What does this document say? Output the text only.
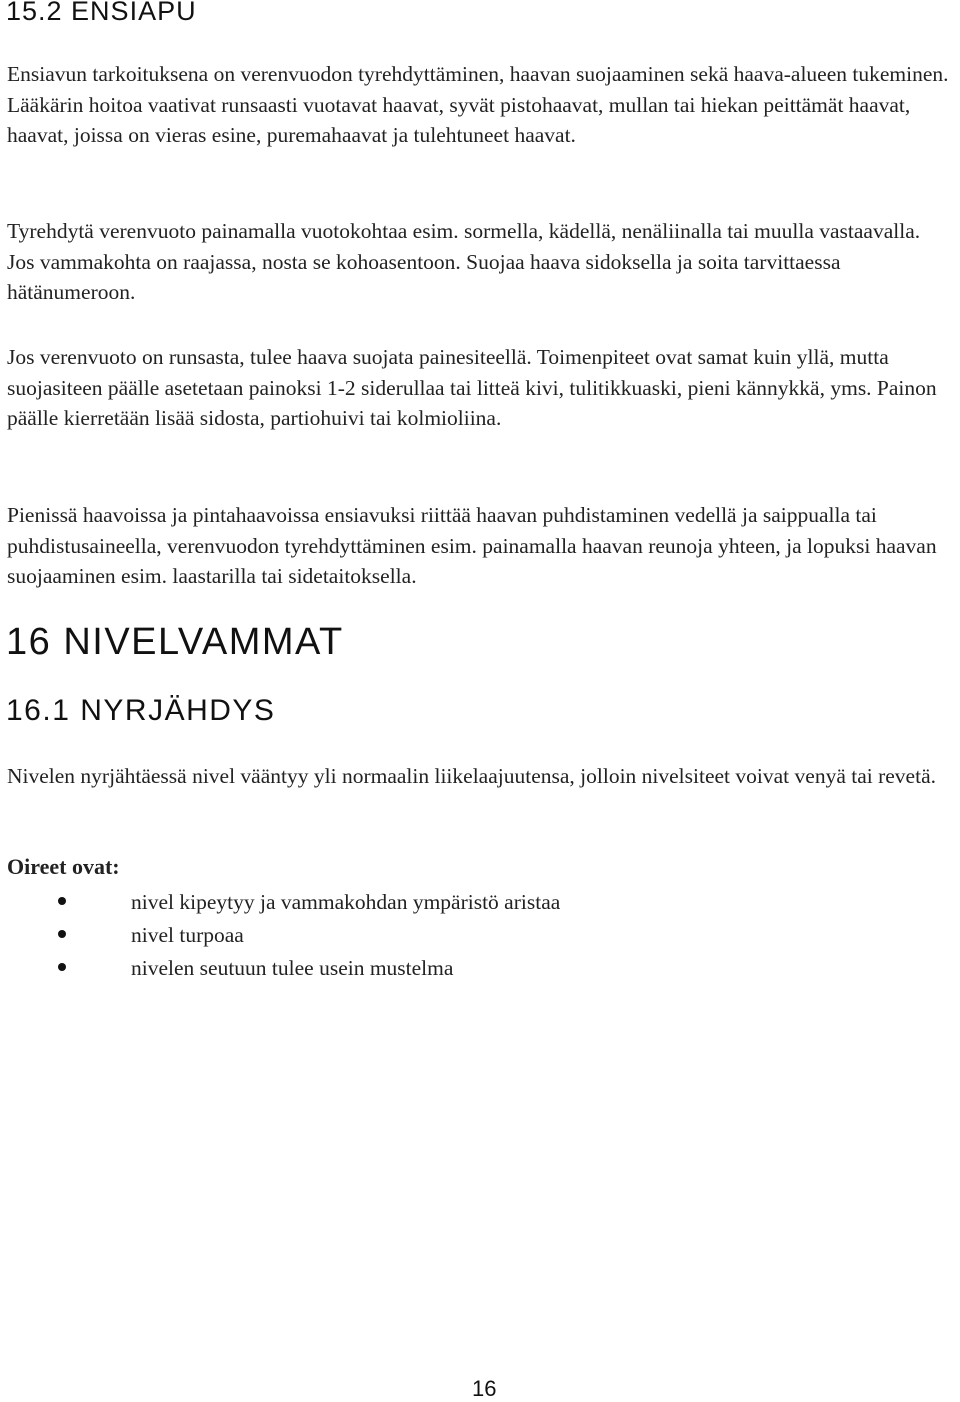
15.2 ENSIAPU

Ensiavun tarkoituksena on verenvuodon tyrehdyttäminen, haavan suojaaminen sekä haava-alueen tukeminen. Lääkärin hoitoa vaativat runsaasti vuotavat haavat, syvät pistohaavat, mullan tai hiekan peittämät haavat, haavat, joissa on vieras esine, puremahaavat ja tulehtuneet haavat.

Tyrehdytä verenvuoto painamalla vuotokohtaa esim. sormella, kädellä, nenäliinalla tai muulla vastaavalla. Jos vammakohta on raajassa, nosta se kohoasentoon. Suojaa haava sidoksella ja soita tarvittaessa hätänumeroon.

Jos verenvuoto on runsasta, tulee haava suojata painesiteellä. Toimenpiteet ovat samat kuin yllä, mutta suojasiteen päälle asetetaan painoksi 1-2 siderullaa tai litteä kivi, tulitikkuaski, pieni kännykkä, yms. Painon päälle kierretään lisää sidosta, partiohuivi tai kolmioliina.

Pienissä haavoissa ja pintahaavoissa ensiavuksi riittää haavan puhdistaminen vedellä ja saippualla tai puhdistusaineella, verenvuodon tyrehdyttäminen esim. painamalla haavan reunoja yhteen, ja lopuksi haavan suojaaminen esim. laastarilla tai sidetaitoksella.

16 NIVELVAMMAT
16.1 NYRJÄHDYS

Nivelen nyrjähtäessä nivel vääntyy yli normaalin liikelaajuutensa, jolloin nivelsiteet voivat venyä tai revetä.

Oireet ovat:
nivel kipeytyy ja vammakohdan ympäristö aristaa
nivel turpoaa
nivelen seutuun tulee usein mustelma
16
